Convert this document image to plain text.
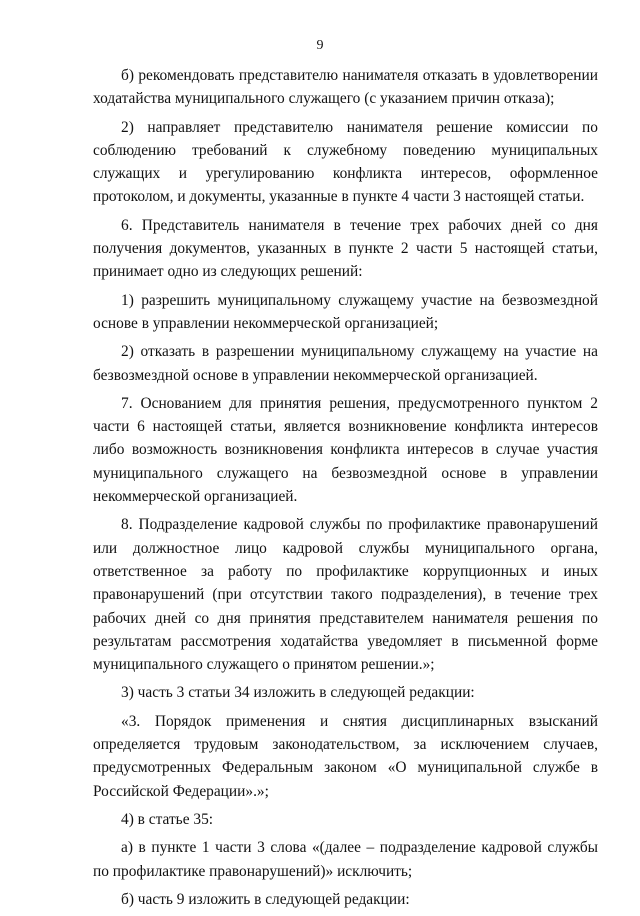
9

б) рекомендовать представителю нанимателя отказать в удовлетворении ходатайства муниципального служащего (с указанием причин отказа);

2) направляет представителю нанимателя решение комиссии по соблюдению требований к служебному поведению муниципальных служащих и урегулированию конфликта интересов, оформленное протоколом, и документы, указанные в пункте 4 части 3 настоящей статьи.

6. Представитель нанимателя в течение трех рабочих дней со дня получения документов, указанных в пункте 2 части 5 настоящей статьи, принимает одно из следующих решений:

1) разрешить муниципальному служащему участие на безвозмездной основе в управлении некоммерческой организацией;

2) отказать в разрешении муниципальному служащему на участие на безвозмездной основе в управлении некоммерческой организацией.

7. Основанием для принятия решения, предусмотренного пунктом 2 части 6 настоящей статьи, является возникновение конфликта интересов либо возможность возникновения конфликта интересов в случае участия муниципального служащего на безвозмездной основе в управлении некоммерческой организацией.

8. Подразделение кадровой службы по профилактике правонарушений или должностное лицо кадровой службы муниципального органа, ответственное за работу по профилактике коррупционных и иных правонарушений (при отсутствии такого подразделения), в течение трех рабочих дней со дня принятия представителем нанимателя решения по результатам рассмотрения ходатайства уведомляет в письменной форме муниципального служащего о принятом решении.»;

3) часть 3 статьи 34 изложить в следующей редакции:

«3. Порядок применения и снятия дисциплинарных взысканий определяется трудовым законодательством, за исключением случаев, предусмотренных Федеральным законом «О муниципальной службе в Российской Федерации».»;

4) в статье 35:

а) в пункте 1 части 3 слова «(далее – подразделение кадровой службы по профилактике правонарушений)» исключить;

б) часть 9 изложить в следующей редакции:
